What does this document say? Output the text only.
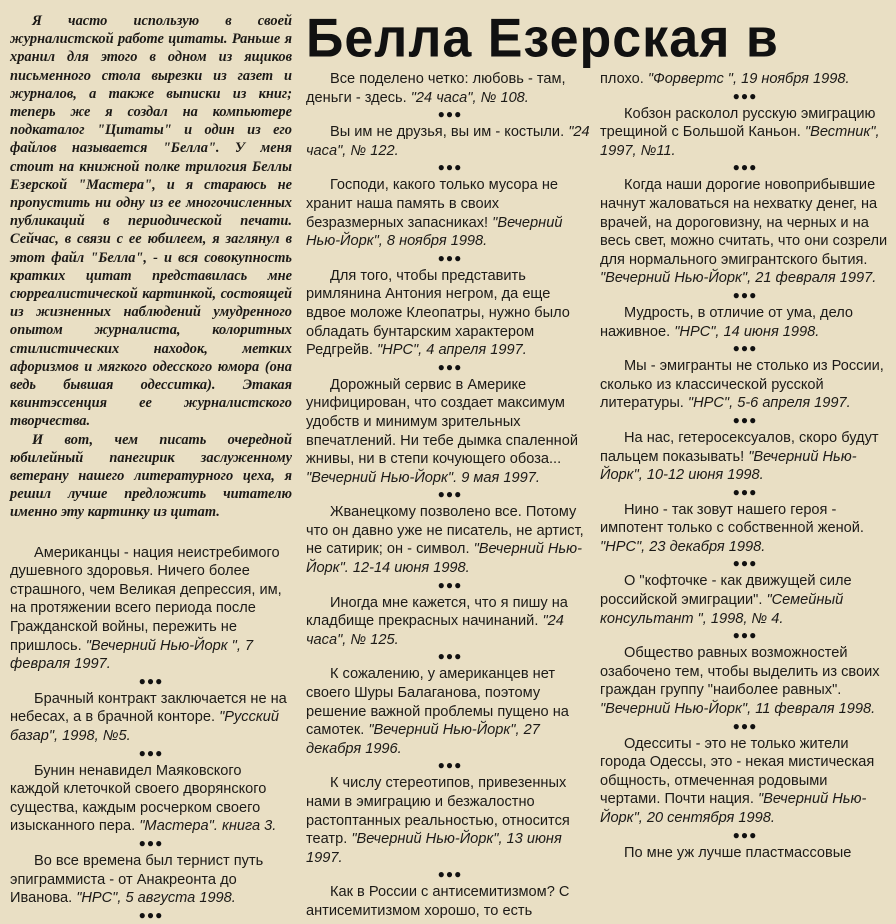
Белла Езерская в

Я часто использую в своей журналистской работе цитаты. Раньше я хранил для этого в одном из ящиков письменного стола вырезки из газет и журналов, а также выписки из книг; теперь же я создал на компьютере подкаталог "Цитаты" и один из его файлов называется "Белла". У меня стоит на книжной полке трилогия Беллы Езерской "Мастера", и я стараюсь не пропустить ни одну из ее многочисленных публикаций в периодической печати. Сейчас, в связи с ее юбилеем, я заглянул в этот файл "Белла", - и вся совокупность кратких цитат представилась мне сюрреалистической картинкой, состоящей из жизненных наблюдений умудренного опытом журналиста, колоритных стилистических находок, метких афоризмов и мягкого одесского юмора (она ведь бывшая одесситка). Этакая квинтэссенция ее журналистского творчества.

И вот, чем писать очередной юбилейный панегирик заслуженному ветерану нашего литературного цеха, я решил лучше предложить читателю именно эту картинку из цитат.

Американцы - нация неистребимого душевного здоровья. Ничего более страшного, чем Великая депрессия, им, на протяжении всего периода после Гражданской войны, пережить не пришлось. "Вечерний Нью-Йорк ", 7 февраля 1997.

●●●

Брачный контракт заключается не на небесах, а в брачной конторе. "Русский базар", 1998, №5.

●●●

Бунин ненавидел Маяковского каждой клеточкой своего дворянского существа, каждым росчерком своего изысканного пера. "Мастера". книга 3.

●●●

Во все времена был тернист путь эпиграммиста - от Анакреонта до Иванова. "НРС", 5 августа 1998.

●●●

Все поделено четко: любовь - там, деньги - здесь. "24 часа", № 108.

●●●

Вы им не друзья, вы им - костыли. "24 часа", № 122.

●●●

Господи, какого только мусора не хранит наша память в своих безразмерных запасниках! "Вечерний Нью-Йорк", 8 ноября 1998.

●●●

Для того, чтобы представить римлянина Антония негром, да еще вдвое моложе Клеопатры, нужно было обладать бунтарским характером Редгрейв. "НРС", 4 апреля 1997.

●●●

Дорожный сервис в Америке унифицирован, что создает максимум удобств и минимум зрительных впечатлений. Ни тебе дымка спаленной жнивы, ни в степи кочующего обоза... "Вечерний Нью-Йорк". 9 мая 1997.

●●●

Жванецкому позволено все. Потому что он давно уже не писатель, не артист, не сатирик; он - символ. "Вечерний Нью-Йорк". 12-14 июня 1998.

●●●

Иногда мне кажется, что я пишу на кладбище прекрасных начинаний. "24 часа", № 125.

●●●

К сожалению, у американцев нет своего Шуры Балаганова, поэтому решение важной проблемы пущено на самотек. "Вечерний Нью-Йорк", 27 декабря 1996.

●●●

К числу стереотипов, привезенных нами в эмиграцию и безжалостно растоптанных реальностью, относится театр. "Вечерний Нью-Йорк", 13 июня 1997.

●●●

Как в России с антисемитизмом? С антисемитизмом хорошо, то есть

плохо. "Форвертс ", 19 ноября 1998.

●●●

Кобзон расколол русскую эмиграцию трещиной с Большой Каньон. "Вестник", 1997, №11.

●●●

Когда наши дорогие новоприбывшие начнут жаловаться на нехватку денег, на врачей, на дороговизну, на черных и на весь свет, можно считать, что они созрели для нормального эмигрантского бытия. "Вечерний Нью-Йорк", 21 февраля 1997.

●●●

Мудрость, в отличие от ума, дело наживное. "НРС", 14 июня 1998.

●●●

Мы - эмигранты не столько из России, сколько из классической русской литературы. "НРС", 5-6 апреля 1997.

●●●

На нас, гетеросексуалов, скоро будут пальцем показывать! "Вечерний Нью-Йорк", 10-12 июня 1998.

●●●

Нино - так зовут нашего героя - импотент только с собственной женой. "НРС", 23 декабря 1998.

●●●

О "кофточке - как движущей силе российской эмиграции". "Семейный консультант ", 1998, № 4.

●●●

Общество равных возможностей озабочено тем, чтобы выделить из своих граждан группу "наиболее равных". "Вечерний Нью-Йорк", 11 февраля 1998.

●●●

Одесситы - это не только жители города Одессы, это - некая мистическая общность, отмеченная родовыми чертами. Почти нация. "Вечерний Нью-Йорк", 20 сентября 1998.

●●●

По мне уж лучше пластмассовые
